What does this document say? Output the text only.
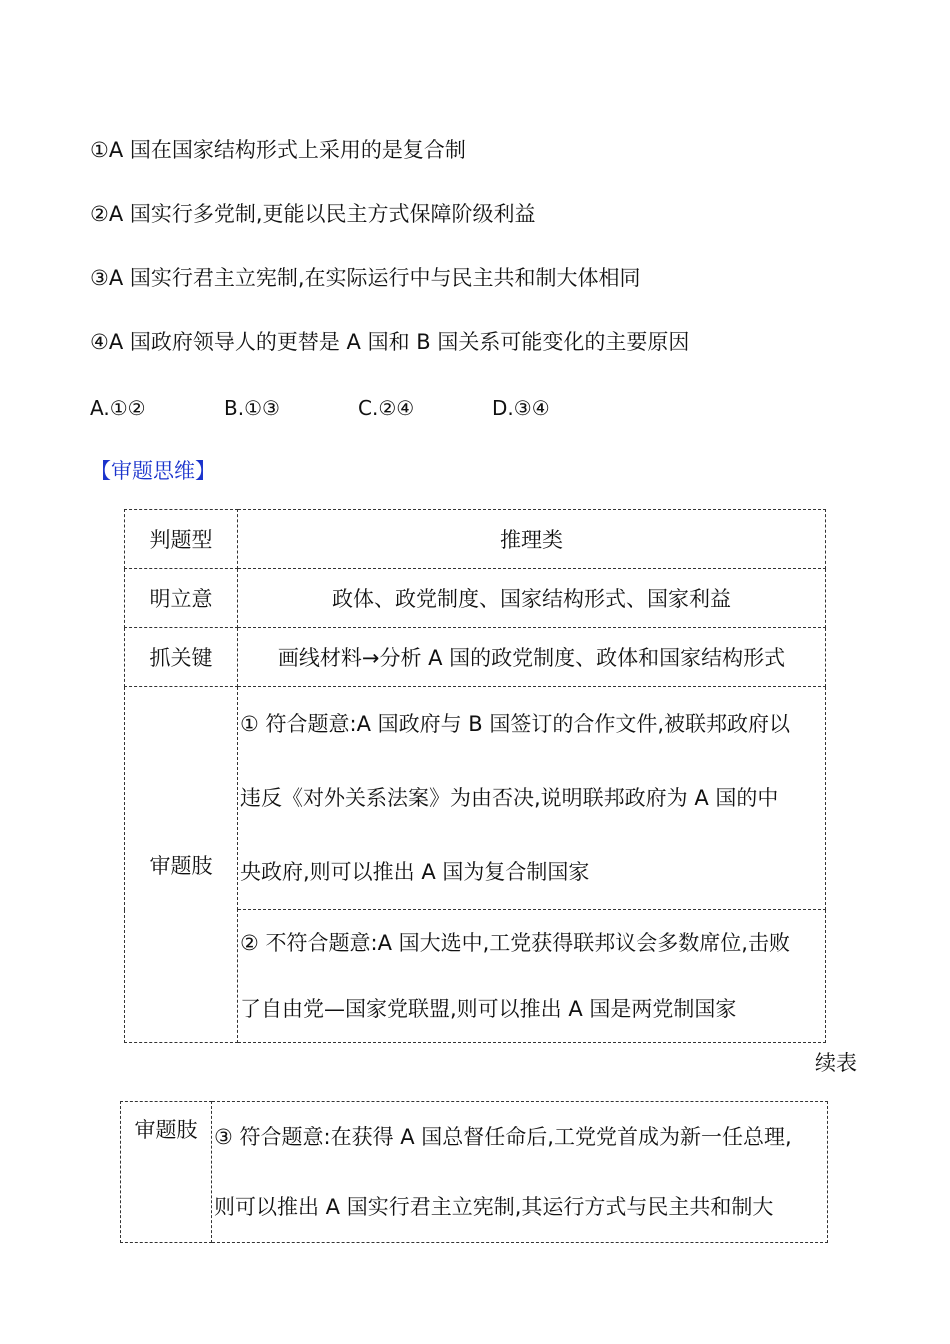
①A 国在国家结构形式上采用的是复合制
②A 国实行多党制,更能以民主方式保障阶级利益
③A 国实行君主立宪制,在实际运行中与民主共和制大体相同
④A 国政府领导人的更替是 A 国和 B 国关系可能变化的主要原因
A.①②	B.①③	C.②④	D.③④
【审题思维】
判题型	推理类
明立意	政体、政党制度、国家结构形式、国家利益
抓关键	画线材料→分析 A 国的政党制度、政体和国家结构形式
审题肢	① 符合题意:A 国政府与 B 国签订的合作文件,被联邦政府以
违反《对外关系法案》为由否决,说明联邦政府为 A 国的中
央政府,则可以推出 A 国为复合制国家

	② 不符合题意:A 国大选中,工党获得联邦议会多数席位,击败
了自由党—国家党联盟,则可以推出 A 国是两党制国家
续表
审题肢	③ 符合题意:在获得 A 国总督任命后,工党党首成为新一任总理,
则可以推出 A 国实行君主立宪制,其运行方式与民主共和制大
